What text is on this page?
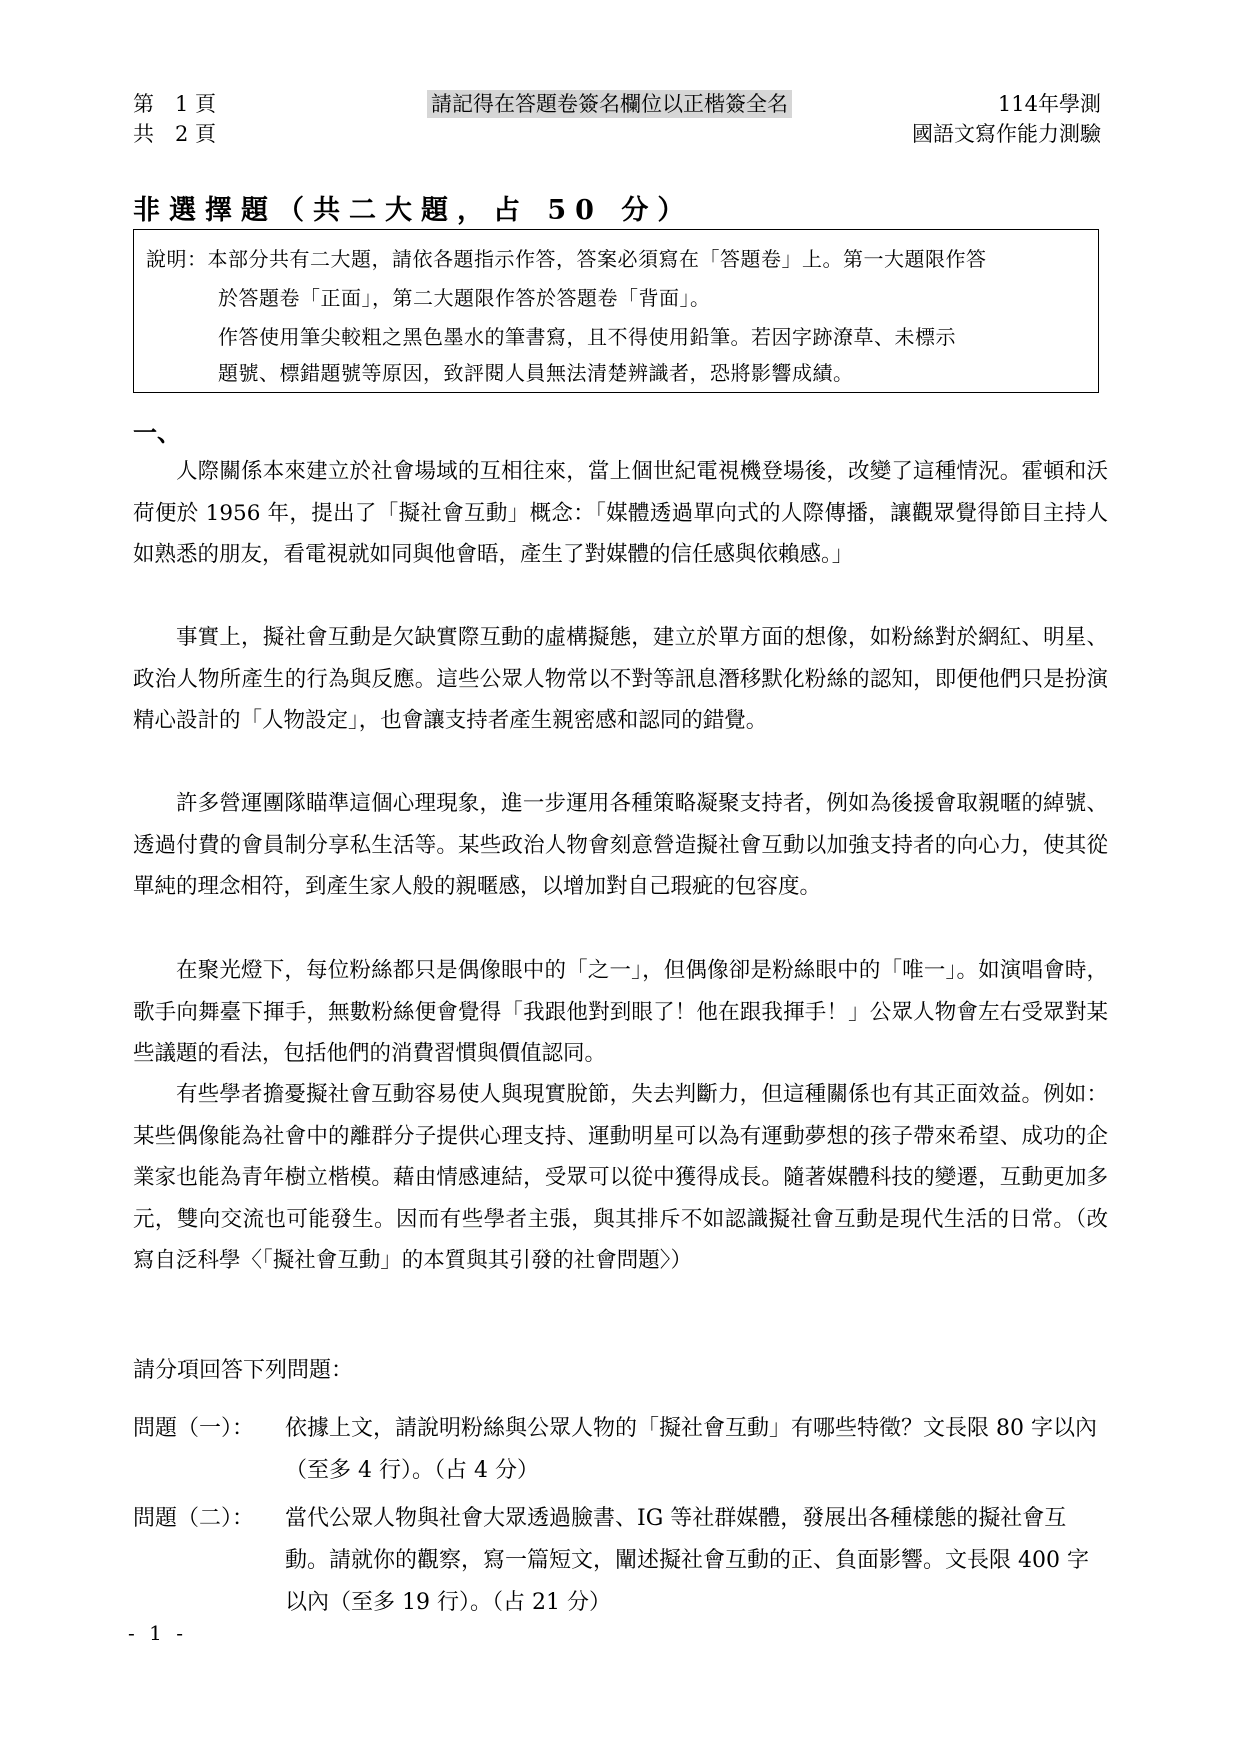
第　1 頁
共　2 頁
請記得在答題卷簽名欄位以正楷簽全名	114年學測
國語文寫作能力測驗
非選擇題（共二大題，占 50 分）
說明：本部分共有二大題，請依各題指示作答，答案必須寫在「答題卷」上。第一大題限作答
於答題卷「正面」，第二大題限作答於答題卷「背面」。
作答使用筆尖較粗之黑色墨水的筆書寫，且不得使用鉛筆。若因字跡潦草、未標示
題號、標錯題號等原因，致評閱人員無法清楚辨識者，恐將影響成績。
一、

人際關係本來建立於社會場域的互相往來，當上個世紀電視機登場後，改變了這種情況。霍頓和沃荷便於 1956 年，提出了「擬社會互動」概念：「媒體透過單向式的人際傳播，讓觀眾覺得節目主持人如熟悉的朋友，看電視就如同與他會晤，產生了對媒體的信任感與依賴感。」

事實上，擬社會互動是欠缺實際互動的虛構擬態，建立於單方面的想像，如粉絲對於網紅、明星、政治人物所產生的行為與反應。這些公眾人物常以不對等訊息潛移默化粉絲的認知，即便他們只是扮演精心設計的「人物設定」，也會讓支持者產生親密感和認同的錯覺。

許多營運團隊瞄準這個心理現象，進一步運用各種策略凝聚支持者，例如為後援會取親暱的綽號、透過付費的會員制分享私生活等。某些政治人物會刻意營造擬社會互動以加強支持者的向心力，使其從單純的理念相符，到產生家人般的親暱感，以增加對自己瑕疵的包容度。

在聚光燈下，每位粉絲都只是偶像眼中的「之一」，但偶像卻是粉絲眼中的「唯一」。如演唱會時，歌手向舞臺下揮手，無數粉絲便會覺得「我跟他對到眼了！他在跟我揮手！」公眾人物會左右受眾對某些議題的看法，包括他們的消費習慣與價值認同。

有些學者擔憂擬社會互動容易使人與現實脫節，失去判斷力，但這種關係也有其正面效益。例如：某些偶像能為社會中的離群分子提供心理支持、運動明星可以為有運動夢想的孩子帶來希望、成功的企業家也能為青年樹立楷模。藉由情感連結，受眾可以從中獲得成長。隨著媒體科技的變遷，互動更加多元，雙向交流也可能發生。因而有些學者主張，與其排斥不如認識擬社會互動是現代生活的日常。（改寫自泛科學〈「擬社會互動」的本質與其引發的社會問題〉）

請分項回答下列問題：
問題（一）： 依據上文，請說明粉絲與公眾人物的「擬社會互動」有哪些特徵？文長限 80 字以內（至多 4 行）。（占 4 分）
問題（二）： 當代公眾人物與社會大眾透過臉書、IG 等社群媒體，發展出各種樣態的擬社會互動。請就你的觀察，寫一篇短文，闡述擬社會互動的正、負面影響。文長限 400 字以內（至多 19 行）。（占 21 分）
- 1 -
